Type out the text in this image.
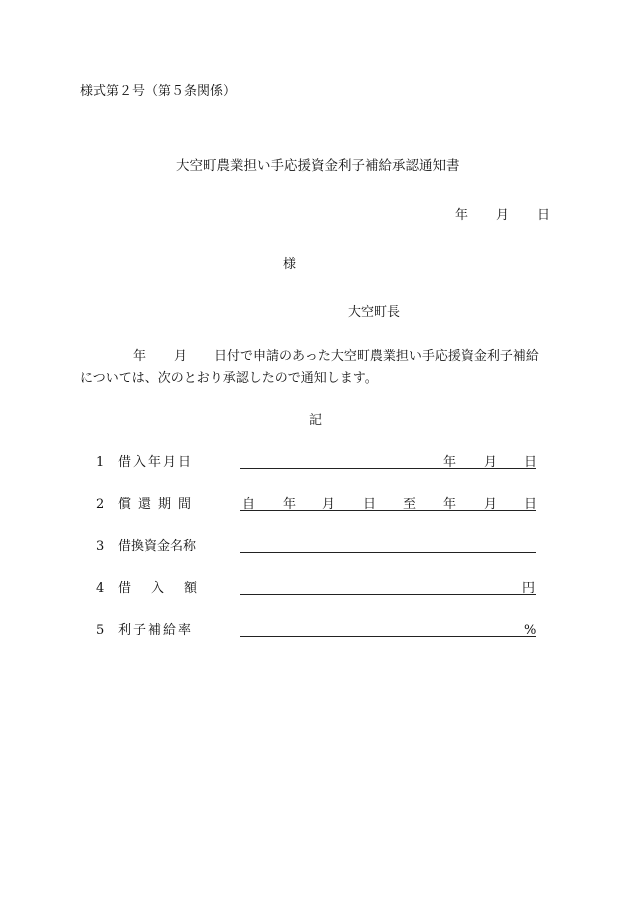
様式第２号（第５条関係）
大空町農業担い手応援資金利子補給承認通知書
年 月 日
様
大空町長
年 月 日付で申請のあった大空町農業担い手応援資金利子補給
については、次のとおり承認したので通知します。
記
1 借入年月日	年 月 日
2 償還期間	自 年 月 日 至 年 月 日
3 借換資金名称
4 借入額	円
5 利子補給率	%
